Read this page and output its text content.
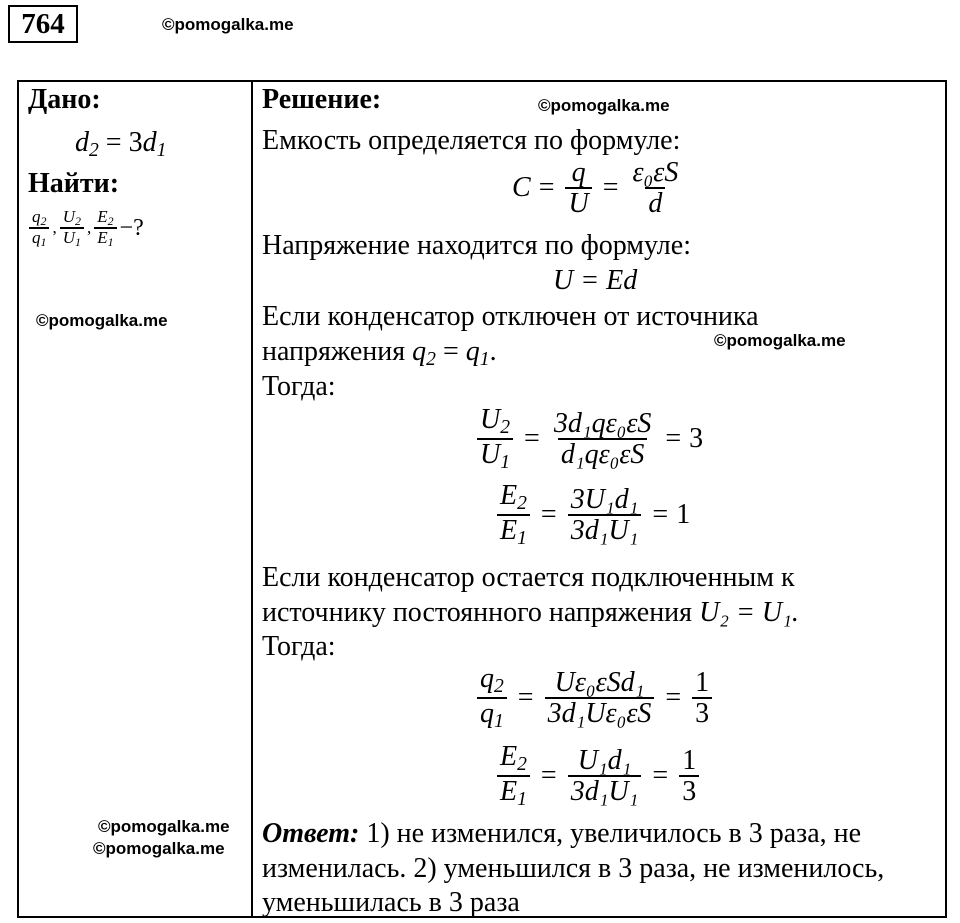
764	©pomogalka.me
Дано:
$d_2 = 3d_1$
Найти:
$\frac{q_2}{q_1}$ , $\frac{U_2}{U_1}$ , $\frac{E_2}{E_1}$ −?
©pomogalka.me
©pomogalka.me
©pomogalka.me
Решение:	©pomogalka.me
Емкость определяется по формуле:
$C = \frac{q}{U} = \frac{\text{ε₀εS}}{d}$
Напряжение находится по формуле:
U = Ed
Если конденсатор отключен от источника
напряжения $q_2 = q_1$.	©pomogalka.me
Тогда:
$\frac{U_2}{U_1} = \frac{\text{3d₁qε₀εS}}{\text{d₁qε₀εS}} = 3$
$\frac{E_2}{E_1} = \frac{\text{3U₁d₁}}{\text{3d₁U₁}} = 1$
Если конденсатор остается подключенным к
источнику постоянного напряжения U₂ = U₁.
Тогда:
$\frac{q_2}{q_1} = \frac{\text{Uε₀εSd₁}}{\text{3d₁Uε₀εS}} = \frac{1}{3}$
$\frac{E_2}{E_1} = \frac{\text{U₁d₁}}{\text{3d₁U₁}} = \frac{1}{3}$
Ответ: 1) не изменился, увеличилось в 3 раза, не
изменилась. 2) уменьшился в 3 раза, не изменилось,
уменьшилась в 3 раза
